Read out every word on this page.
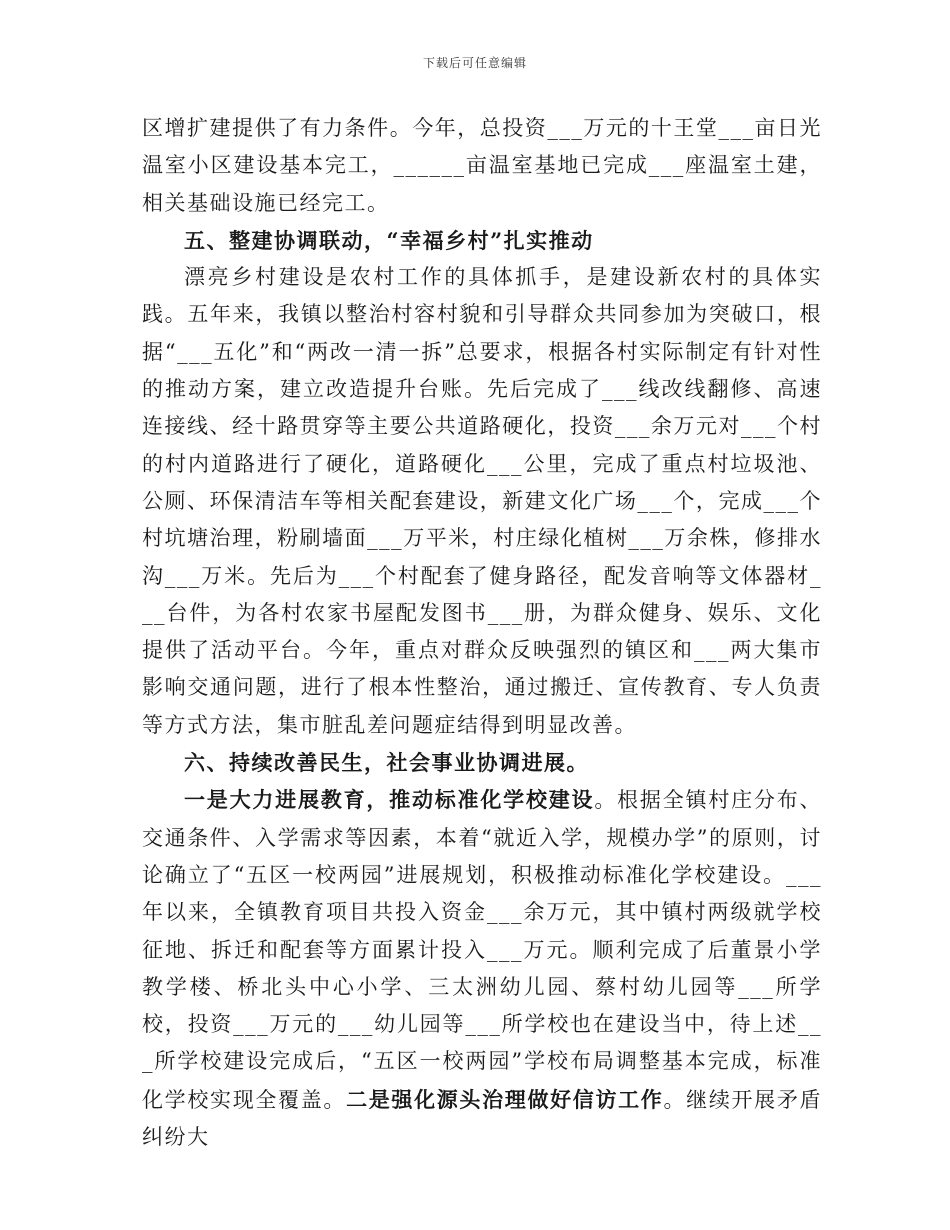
下载后可任意编辑

区增扩建提供了有力条件。今年，总投资___万元的十王堂___亩日光温室小区建设基本完工，______亩温室基地已完成___座温室土建，相关基础设施已经完工。

五、整建协调联动，“幸福乡村”扎实推动

漂亮乡村建设是农村工作的具体抓手，是建设新农村的具体实践。五年来，我镇以整治村容村貌和引导群众共同参加为突破口，根据“___五化”和“两改一清一拆”总要求，根据各村实际制定有针对性的推动方案，建立改造提升台账。先后完成了___线改线翻修、高速连接线、经十路贯穿等主要公共道路硬化，投资___余万元对___个村的村内道路进行了硬化，道路硬化___公里，完成了重点村垃圾池、公厕、环保清洁车等相关配套建设，新建文化广场___个，完成___个村坑塘治理，粉刷墙面___万平米，村庄绿化植树___万余株，修排水沟___万米。先后为___个村配套了健身路径，配发音响等文体器材___台件，为各村农家书屋配发图书___册，为群众健身、娱乐、文化提供了活动平台。今年，重点对群众反映强烈的镇区和___两大集市影响交通问题，进行了根本性整治，通过搬迁、宣传教育、专人负责等方式方法，集市脏乱差问题症结得到明显改善。

六、持续改善民生，社会事业协调进展。

一是大力进展教育，推动标准化学校建设。根据全镇村庄分布、交通条件、入学需求等因素，本着“就近入学，规模办学”的原则，讨论确立了“五区一校两园”进展规划，积极推动标准化学校建设。___年以来，全镇教育项目共投入资金___余万元，其中镇村两级就学校征地、拆迁和配套等方面累计投入___万元。顺利完成了后董景小学教学楼、桥北头中心小学、三太洲幼儿园、蔡村幼儿园等___所学校，投资___万元的___幼儿园等___所学校也在建设当中，待上述___所学校建设完成后，“五区一校两园”学校布局调整基本完成，标准化学校实现全覆盖。二是强化源头治理做好信访工作。继续开展矛盾纠纷大
